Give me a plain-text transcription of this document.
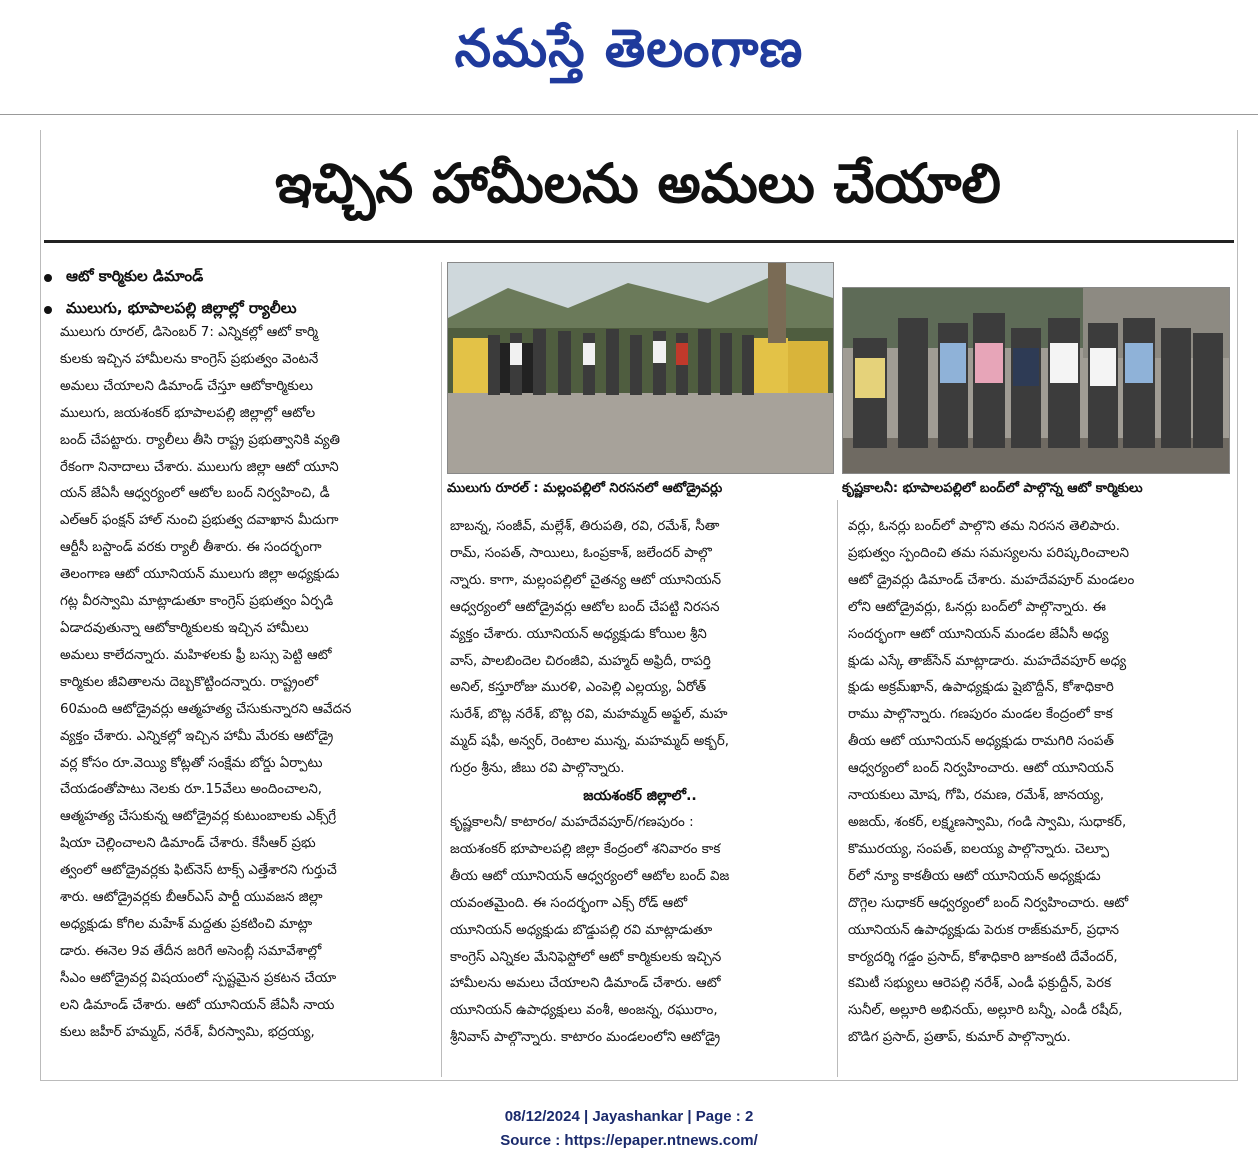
నమస్తే తెలంగాణ
ఇచ్చిన హామీలను అమలు చేయాలి
ఆటో కార్మికుల డిమాండ్
ములుగు, భూపాలపల్లి జిల్లాల్లో ర్యాలీలు
ములుగు రూరల్ : మల్లంపల్లిలో నిరసనలో ఆటోడ్రైవర్లు	కృష్ణకాలనీ: భూపాలపల్లిలో బంద్‌లో పాల్గొన్న ఆటో కార్మికులు
ములుగు రూరల్, డిసెంబర్ 7: ఎన్నికల్లో ఆటో కార్మి
కులకు ఇచ్చిన హామీలను కాంగ్రెస్ ప్రభుత్వం వెంటనే
అమలు చేయాలని డిమాండ్ చేస్తూ ఆటోకార్మికులు
ములుగు, జయశంకర్ భూపాలపల్లి జిల్లాల్లో ఆటోల
బంద్ చేపట్టారు. ర్యాలీలు తీసి రాష్ట్ర ప్రభుత్వానికి వ్యతి
రేకంగా నినాదాలు చేశారు. ములుగు జిల్లా ఆటో యూని
యన్ జేఏసీ ఆధ్వర్యంలో ఆటోల బంద్ నిర్వహించి, డీ
ఎల్‌ఆర్ ఫంక్షన్ హాల్ నుంచి ప్రభుత్వ దవాఖాన మీదుగా
ఆర్టీసీ బస్టాండ్ వరకు ర్యాలీ తీశారు. ఈ సందర్భంగా
తెలంగాణ ఆటో యూనియన్ ములుగు జిల్లా అధ్యక్షుడు
గట్ల వీరస్వామి మాట్లాడుతూ కాంగ్రెస్ ప్రభుత్వం ఏర్పడి
ఏడాదవుతున్నా ఆటోకార్మికులకు ఇచ్చిన హామీలు
అమలు కాలేదన్నారు. మహిళలకు ఫ్రీ బస్సు పెట్టి ఆటో
కార్మికుల జీవితాలను దెబ్బకొట్టిందన్నారు. రాష్ట్రంలో
60మంది ఆటోడ్రైవర్లు ఆత్మహత్య చేసుకున్నారని ఆవేదన
వ్యక్తం చేశారు. ఎన్నికల్లో ఇచ్చిన హామీ మేరకు ఆటోడ్రై
వర్ల కోసం రూ.వెయ్యి కోట్లతో సంక్షేమ బోర్డు ఏర్పాటు
చేయడంతోపాటు నెలకు రూ.15వేలు అందించాలని,
ఆత్మహత్య చేసుకున్న ఆటోడ్రైవర్ల కుటుంబాలకు ఎక్స్‌గ్రే
షియా చెల్లించాలని డిమాండ్ చేశారు. కేసీఆర్ ప్రభు
త్వంలో ఆటోడ్రైవర్లకు ఫిట్‌నెస్ టాక్స్ ఎత్తేశారని గుర్తుచే
శారు. ఆటోడ్రైవర్లకు బీఆర్‌ఎస్ పార్టీ యువజన జిల్లా
అధ్యక్షుడు కోగిల మహేశ్ మద్దతు ప్రకటించి మాట్లా
డారు. ఈనెల 9వ తేదీన జరిగే అసెంబ్లీ సమావేశాల్లో
సీఎం ఆటోడ్రైవర్ల విషయంలో స్పష్టమైన ప్రకటన చేయా
లని డిమాండ్ చేశారు. ఆటో యూనియన్ జేఏసీ నాయ
కులు జహీర్ హమ్మద్, నరేశ్, వీరస్వామి, భద్రయ్య,
బాబన్న, సంజీవ్, మల్లేశ్, తిరుపతి, రవి, రమేశ్, సీతా
రామ్, సంపత్, సాయిలు, ఓంప్రకాశ్, జలేందర్ పాల్గొ
న్నారు. కాగా, మల్లంపల్లిలో చైతన్య ఆటో యూనియన్
ఆధ్వర్యంలో ఆటోడ్రైవర్లు ఆటోల బంద్ చేపట్టి నిరసన
వ్యక్తం చేశారు. యూనియన్ అధ్యక్షుడు కోయిల శ్రీని
వాస్, పాలబిందెల చిరంజీవి, మహ్మద్ అఫ్రిదీ, రాపర్తి
అనిల్, కస్తూరోజు మురళి, ఎంపెల్లి ఎల్లయ్య, ఏరోత్
సురేశ్, బొట్ల నరేశ్, బొట్ల రవి, మహమ్మద్ అఫ్జల్, మహ
మ్మద్ షఫీ, అన్వర్, రెంటాల మున్న, మహమ్మద్ అక్బర్,
గుర్రం శ్రీను, జీబు రవి పాల్గొన్నారు.
జయశంకర్ జిల్లాలో..
కృష్ణకాలనీ/ కాటారం/ మహదేవపూర్/గణపురం :
జయశంకర్ భూపాలపల్లి జిల్లా కేంద్రంలో శనివారం కాక
తీయ ఆటో యూనియన్ ఆధ్వర్యంలో ఆటోల బంద్ విజ
యవంతమైంది. ఈ సందర్భంగా ఎక్స్ రోడ్ ఆటో
యూనియన్ అధ్యక్షుడు బొడ్డుపల్లి రవి మాట్లాడుతూ
కాంగ్రెస్ ఎన్నికల మేనిఫెస్టోలో ఆటో కార్మికులకు ఇచ్చిన
హామీలను అమలు చేయాలని డిమాండ్ చేశారు. ఆటో
యూనియన్ ఉపాధ్యక్షులు వంశీ, అంజన్న, రఘురాం,
శ్రీనివాస్ పాల్గొన్నారు. కాటారం మండలంలోని ఆటోడ్రై
వర్లు, ఓనర్లు బంద్‌లో పాల్గొని తమ నిరసన తెలిపారు.
ప్రభుత్వం స్పందించి తమ సమస్యలను పరిష్కరించాలని
ఆటో డ్రైవర్లు డిమాండ్ చేశారు. మహదేవపూర్ మండలం
లోని ఆటోడ్రైవర్లు, ఓనర్లు బంద్‌లో పాల్గొన్నారు. ఈ
సందర్భంగా ఆటో యూనియన్ మండల జేఏసీ అధ్య
క్షుడు ఎస్కే తాజ్‌సేన్ మాట్లాడారు. మహదేవపూర్ అధ్య
క్షుడు అక్రమ్‌ఖాన్, ఉపాధ్యక్షుడు షైబొద్దీన్, కోశాధికారి
రాము పాల్గొన్నారు. గణపురం మండల కేంద్రంలో కాక
తీయ ఆటో యూనియన్ అధ్యక్షుడు రామగిరి సంపత్
ఆధ్వర్యంలో బంద్ నిర్వహించారు. ఆటో యూనియన్
నాయకులు మోష, గోపి, రమణ, రమేశ్, జానయ్య,
అజయ్, శంకర్, లక్ష్మణస్వామి, గండి స్వామి, సుధాకర్,
కొమురయ్య, సంపత్, ఐలయ్య పాల్గొన్నారు. చెల్పూ
ర్‌లో న్యూ కాకతీయ ఆటో యూనియన్ అధ్యక్షుడు
దొగ్గెల సుధాకర్ ఆధ్వర్యంలో బంద్ నిర్వహించారు. ఆటో
యూనియన్ ఉపాధ్యక్షుడు పెరుక రాజ్‌కుమార్, ప్రధాన
కార్యదర్శి గడ్డం ప్రసాద్, కోశాధికారి జూకంటి దేవేందర్,
కమిటీ సభ్యులు ఆరెపల్లి నరేశ్, ఎండీ ఫక్రుద్దీన్, పెరక
సునీల్, అల్లూరి అభినయ్, అల్లూరి బన్నీ, ఎండీ రషీద్,
బొడిగ ప్రసాద్, ప్రతాప్, కుమార్ పాల్గొన్నారు.
08/12/2024 | Jayashankar | Page : 2
Source : https://epaper.ntnews.com/
